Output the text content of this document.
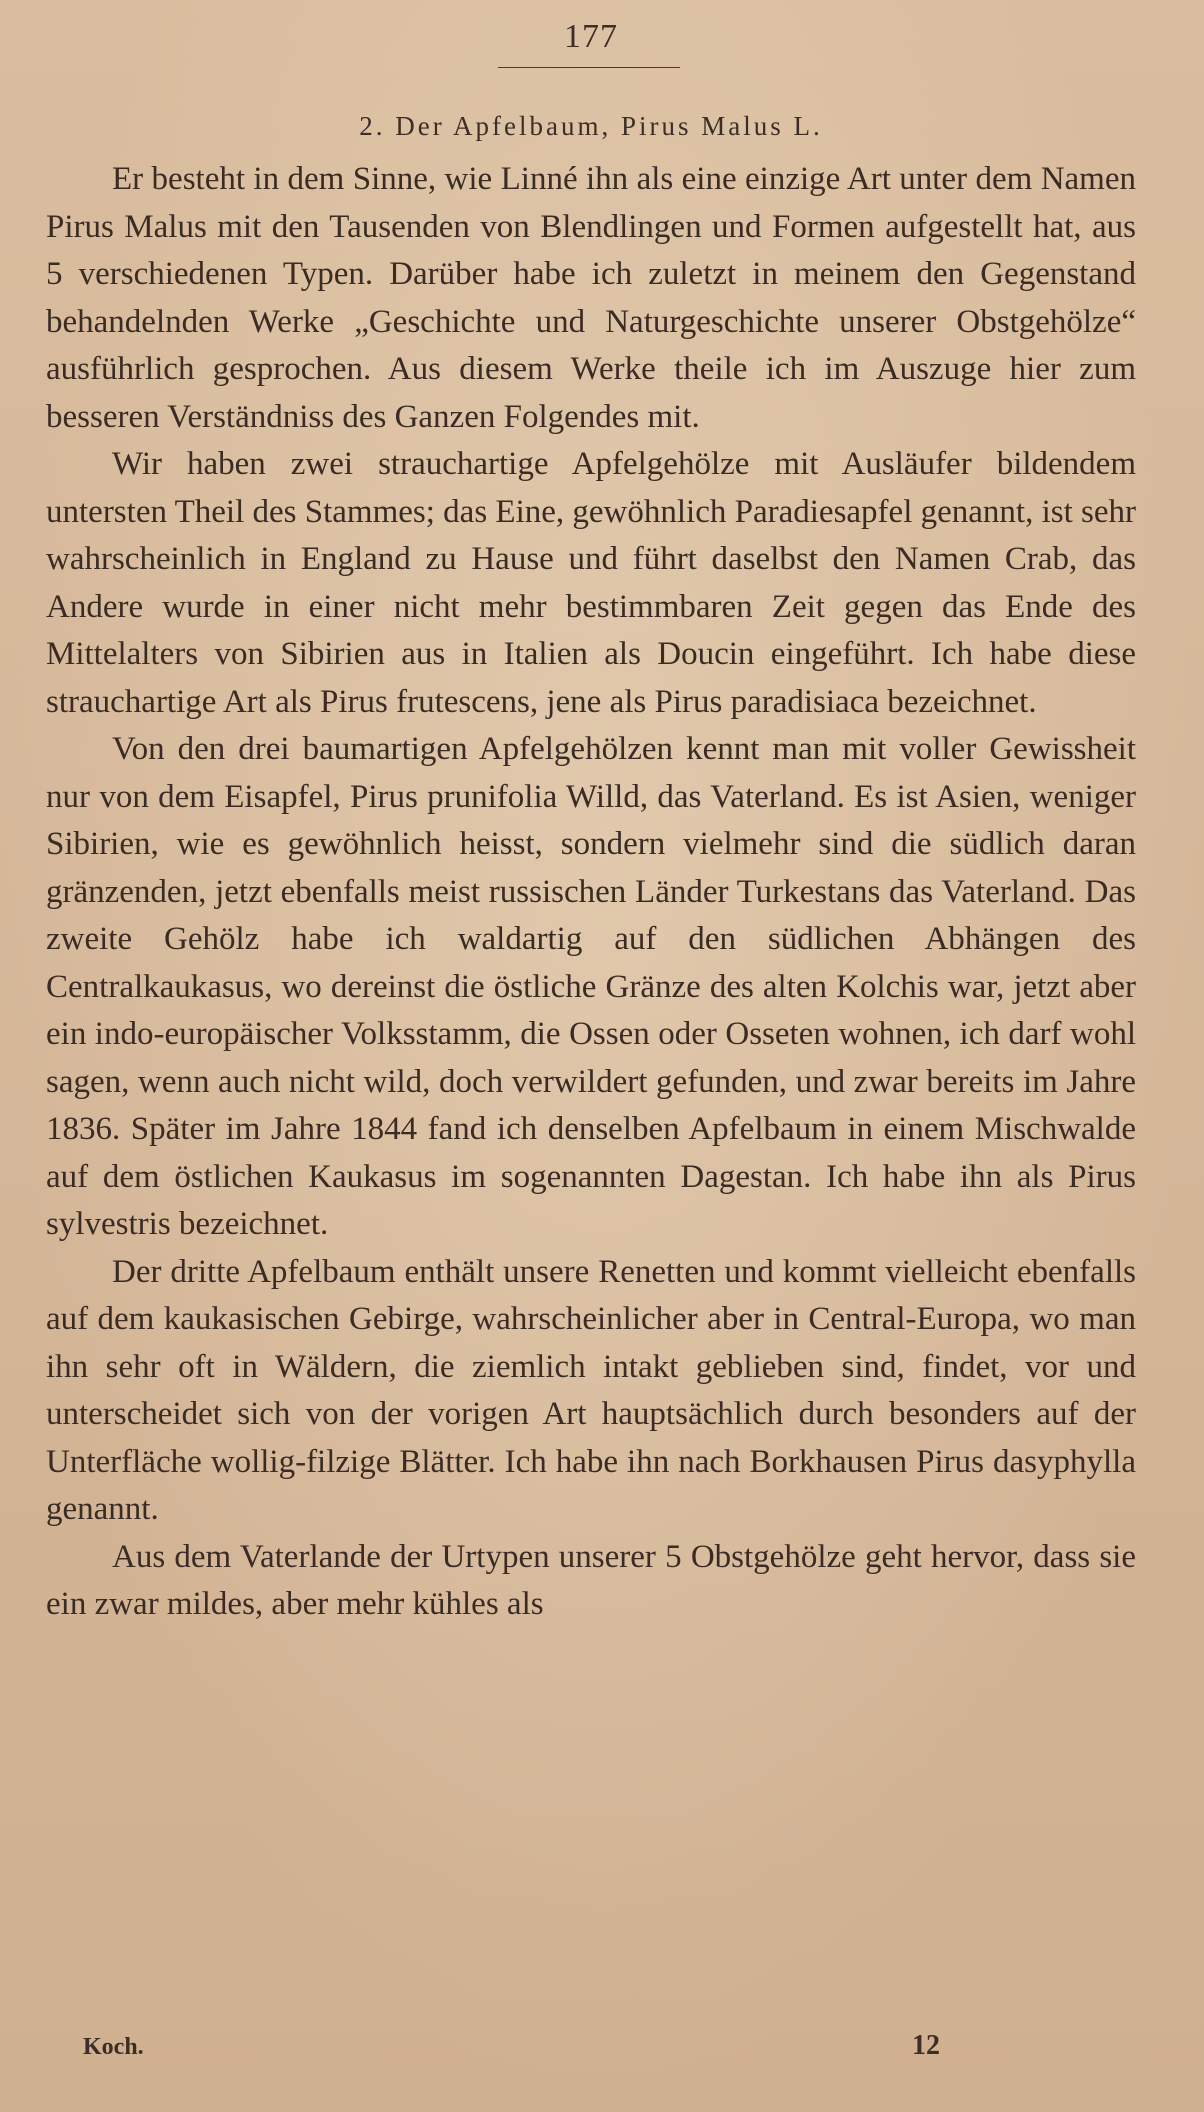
177
2. Der Apfelbaum, Pirus Malus L.

Er besteht in dem Sinne, wie Linné ihn als eine einzige Art unter dem Namen Pirus Malus mit den Tausenden von Blendlingen und Formen aufgestellt hat, aus 5 verschiedenen Typen. Darüber habe ich zuletzt in meinem den Gegenstand behandelnden Werke „Geschichte und Naturgeschichte unserer Obstgehölze“ ausführlich gesprochen. Aus diesem Werke theile ich im Auszuge hier zum besseren Verständniss des Ganzen Folgendes mit.

Wir haben zwei strauchartige Apfelgehölze mit Ausläufer bildendem untersten Theil des Stammes; das Eine, gewöhnlich Paradiesapfel genannt, ist sehr wahrscheinlich in England zu Hause und führt daselbst den Namen Crab, das Andere wurde in einer nicht mehr bestimmbaren Zeit gegen das Ende des Mittelalters von Sibirien aus in Italien als Doucin eingeführt. Ich habe diese strauchartige Art als Pirus frutescens, jene als Pirus paradisiaca bezeichnet.

Von den drei baumartigen Apfelgehölzen kennt man mit voller Gewissheit nur von dem Eisapfel, Pirus prunifolia Willd, das Vaterland. Es ist Asien, weniger Sibirien, wie es gewöhnlich heisst, sondern vielmehr sind die südlich daran gränzenden, jetzt ebenfalls meist russischen Länder Turkestans das Vaterland. Das zweite Gehölz habe ich waldartig auf den südlichen Abhängen des Centralkaukasus, wo dereinst die östliche Gränze des alten Kolchis war, jetzt aber ein indo-europäischer Volksstamm, die Ossen oder Osseten wohnen, ich darf wohl sagen, wenn auch nicht wild, doch verwildert gefunden, und zwar bereits im Jahre 1836. Später im Jahre 1844 fand ich denselben Apfelbaum in einem Mischwalde auf dem östlichen Kaukasus im sogenannten Dagestan. Ich habe ihn als Pirus sylvestris bezeichnet.

Der dritte Apfelbaum enthält unsere Renetten und kommt vielleicht ebenfalls auf dem kaukasischen Gebirge, wahrscheinlicher aber in Central-Europa, wo man ihn sehr oft in Wäldern, die ziemlich intakt geblieben sind, findet, vor und unterscheidet sich von der vorigen Art hauptsächlich durch besonders auf der Unterfläche wollig-filzige Blätter. Ich habe ihn nach Borkhausen Pirus dasyphylla genannt.

Aus dem Vaterlande der Urtypen unserer 5 Obstgehölze geht hervor, dass sie ein zwar mildes, aber mehr kühles als

Koch.	12
